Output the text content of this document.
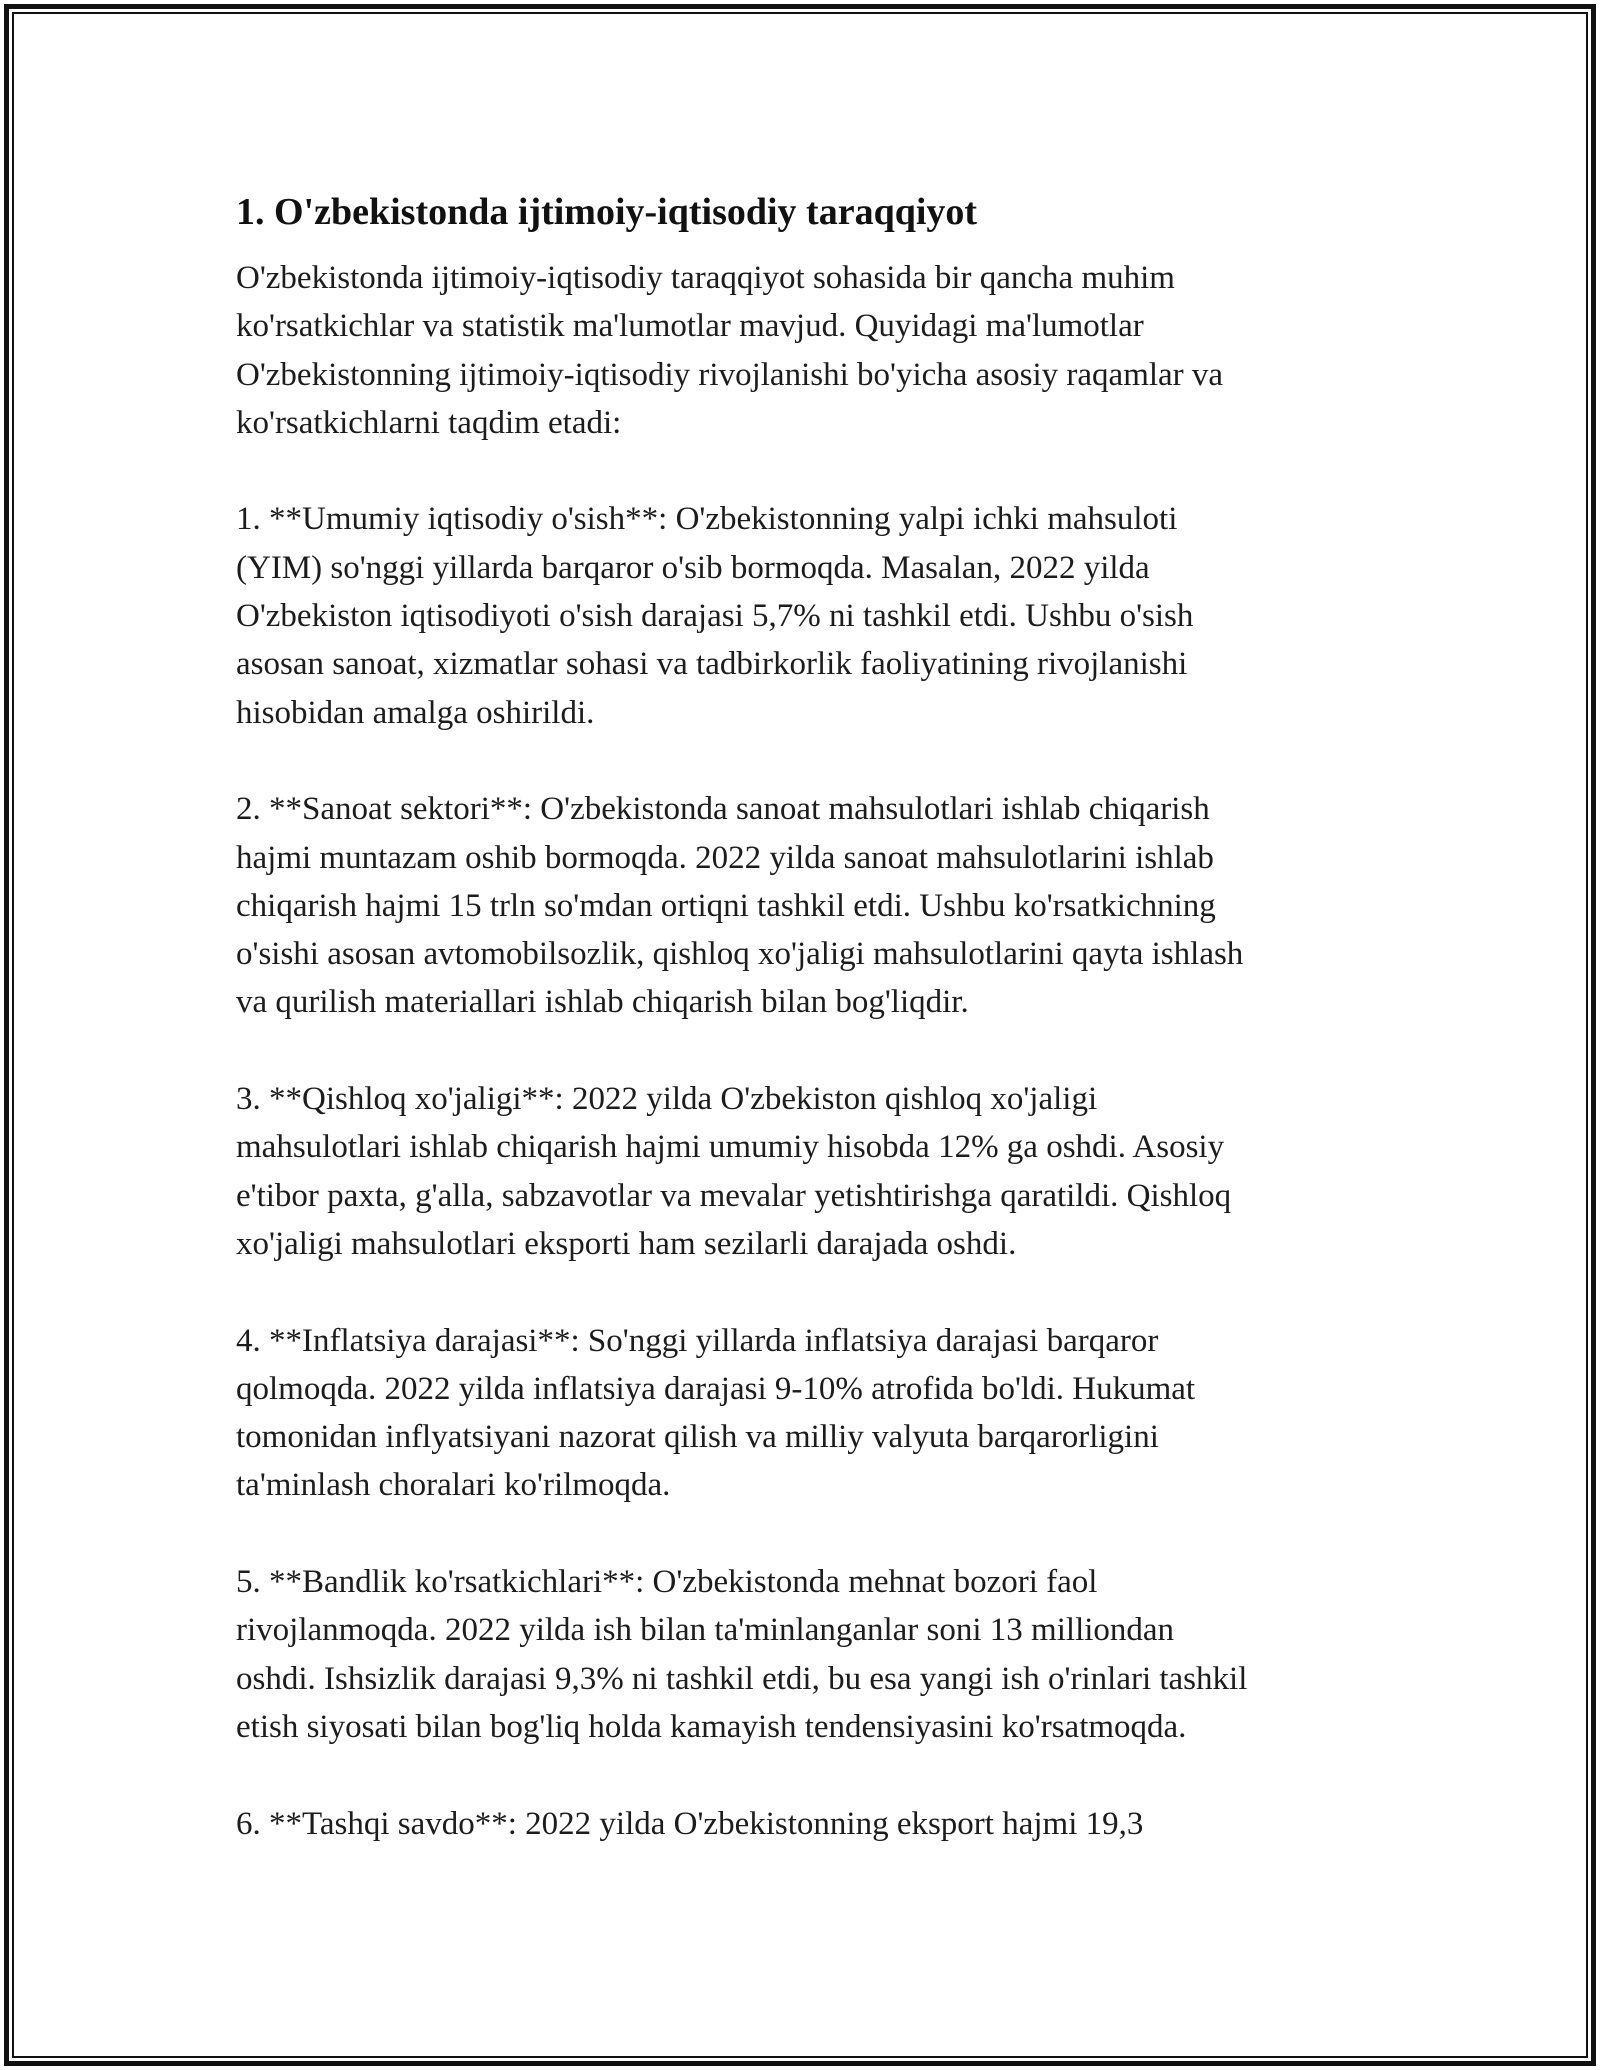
1. O'zbekistonda ijtimoiy-iqtisodiy taraqqiyot

O'zbekistonda ijtimoiy-iqtisodiy taraqqiyot sohasida bir qancha muhim
ko'rsatkichlar va statistik ma'lumotlar mavjud. Quyidagi ma'lumotlar
O'zbekistonning ijtimoiy-iqtisodiy rivojlanishi bo'yicha asosiy raqamlar va
ko'rsatkichlarni taqdim etadi:

1. **Umumiy iqtisodiy o'sish**: O'zbekistonning yalpi ichki mahsuloti
(YIM) so'nggi yillarda barqaror o'sib bormoqda. Masalan, 2022 yilda
O'zbekiston iqtisodiyoti o'sish darajasi 5,7% ni tashkil etdi. Ushbu o'sish
asosan sanoat, xizmatlar sohasi va tadbirkorlik faoliyatining rivojlanishi
hisobidan amalga oshirildi.

2. **Sanoat sektori**: O'zbekistonda sanoat mahsulotlari ishlab chiqarish
hajmi muntazam oshib bormoqda. 2022 yilda sanoat mahsulotlarini ishlab
chiqarish hajmi 15 trln so'mdan ortiqni tashkil etdi. Ushbu ko'rsatkichning
o'sishi asosan avtomobilsozlik, qishloq xo'jaligi mahsulotlarini qayta ishlash
va qurilish materiallari ishlab chiqarish bilan bog'liqdir.

3. **Qishloq xo'jaligi**: 2022 yilda O'zbekiston qishloq xo'jaligi
mahsulotlari ishlab chiqarish hajmi umumiy hisobda 12% ga oshdi. Asosiy
e'tibor paxta, g'alla, sabzavotlar va mevalar yetishtirishga qaratildi. Qishloq
xo'jaligi mahsulotlari eksporti ham sezilarli darajada oshdi.

4. **Inflatsiya darajasi**: So'nggi yillarda inflatsiya darajasi barqaror
qolmoqda. 2022 yilda inflatsiya darajasi 9-10% atrofida bo'ldi. Hukumat
tomonidan inflyatsiyani nazorat qilish va milliy valyuta barqarorligini
ta'minlash choralari ko'rilmoqda.

5. **Bandlik ko'rsatkichlari**: O'zbekistonda mehnat bozori faol
rivojlanmoqda. 2022 yilda ish bilan ta'minlanganlar soni 13 milliondan
oshdi. Ishsizlik darajasi 9,3% ni tashkil etdi, bu esa yangi ish o'rinlari tashkil
etish siyosati bilan bog'liq holda kamayish tendensiyasini ko'rsatmoqda.

6. **Tashqi savdo**: 2022 yilda O'zbekistonning eksport hajmi 19,3
